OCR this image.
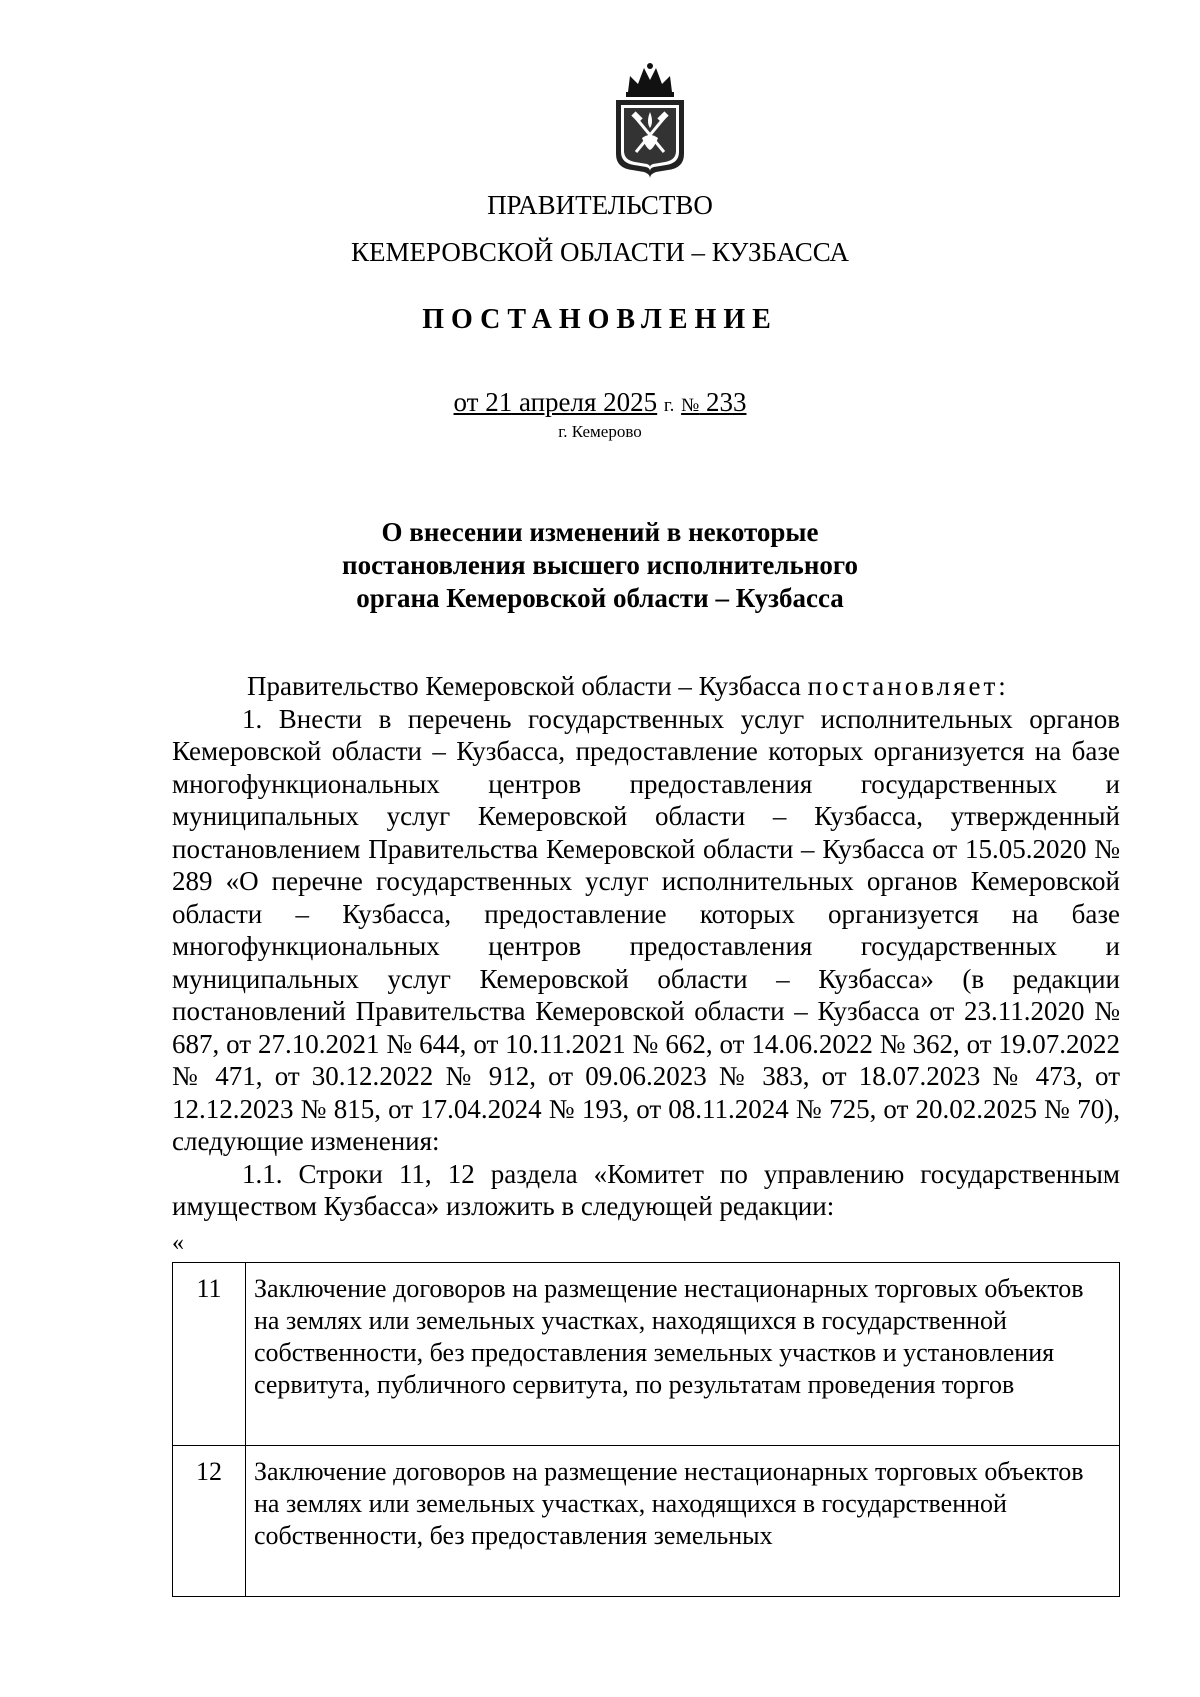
ПРАВИТЕЛЬСТВО
КЕМЕРОВСКОЙ ОБЛАСТИ – КУЗБАССА
ПОСТАНОВЛЕНИЕ
от 21 апреля 2025 г. № 233
г. Кемерово
О внесении изменений в некоторые
постановления высшего исполнительного
органа Кемеровской области – Кузбасса

Правительство Кемеровской области – Кузбасса постановляет:

1. Внести в перечень государственных услуг исполнительных органов Кемеровской области – Кузбасса, предоставление которых организуется на базе многофункциональных центров предоставления государственных и муниципальных услуг Кемеровской области – Кузбасса, утвержденный постановлением Правительства Кемеровской области – Кузбасса от 15.05.2020 № 289 «О перечне государственных услуг исполнительных органов Кемеровской области – Кузбасса, предоставление которых организуется на базе многофункциональных центров предоставления государственных и муниципальных услуг Кемеровской области – Кузбасса» (в редакции постановлений Правительства Кемеровской области – Кузбасса от 23.11.2020 № 687, от 27.10.2021 № 644, от 10.11.2021 № 662, от 14.06.2022 № 362, от 19.07.2022 № 471, от 30.12.2022 № 912, от 09.06.2023 № 383, от 18.07.2023 № 473, от 12.12.2023 № 815, от 17.04.2024 № 193, от 08.11.2024 № 725, от 20.02.2025 № 70), следующие изменения:

1.1. Строки 11, 12 раздела «Комитет по управлению государственным имуществом Кузбасса» изложить в следующей редакции:

«
11	Заключение договоров на размещение нестационарных торговых объектов на землях или земельных участках, находящихся в государственной собственности, без предоставления земельных участков и установления сервитута, публичного сервитута, по результатам проведения торгов
12	Заключение договоров на размещение нестационарных торговых объектов на землях или земельных участках, находящихся в государственной собственности, без предоставления земельных
